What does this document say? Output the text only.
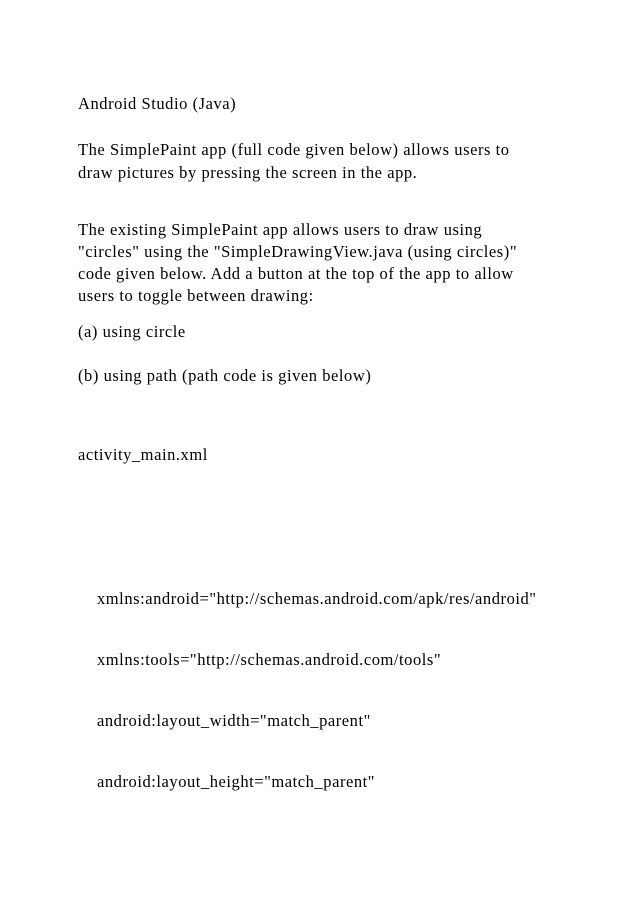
Android Studio (Java)
The SimplePaint app (full code given below) allows users to
draw pictures by pressing the screen in the app.
The existing SimplePaint app allows users to draw using
"circles" using the "SimpleDrawingView.java (using circles)"
code given below. Add a button at the top of the app to allow
users to toggle between drawing:
(a) using circle
(b) using path (path code is given below)
activity_main.xml
xmlns:android="http://schemas.android.com/apk/res/android"
xmlns:tools="http://schemas.android.com/tools"
android:layout_width="match_parent"
android:layout_height="match_parent"
